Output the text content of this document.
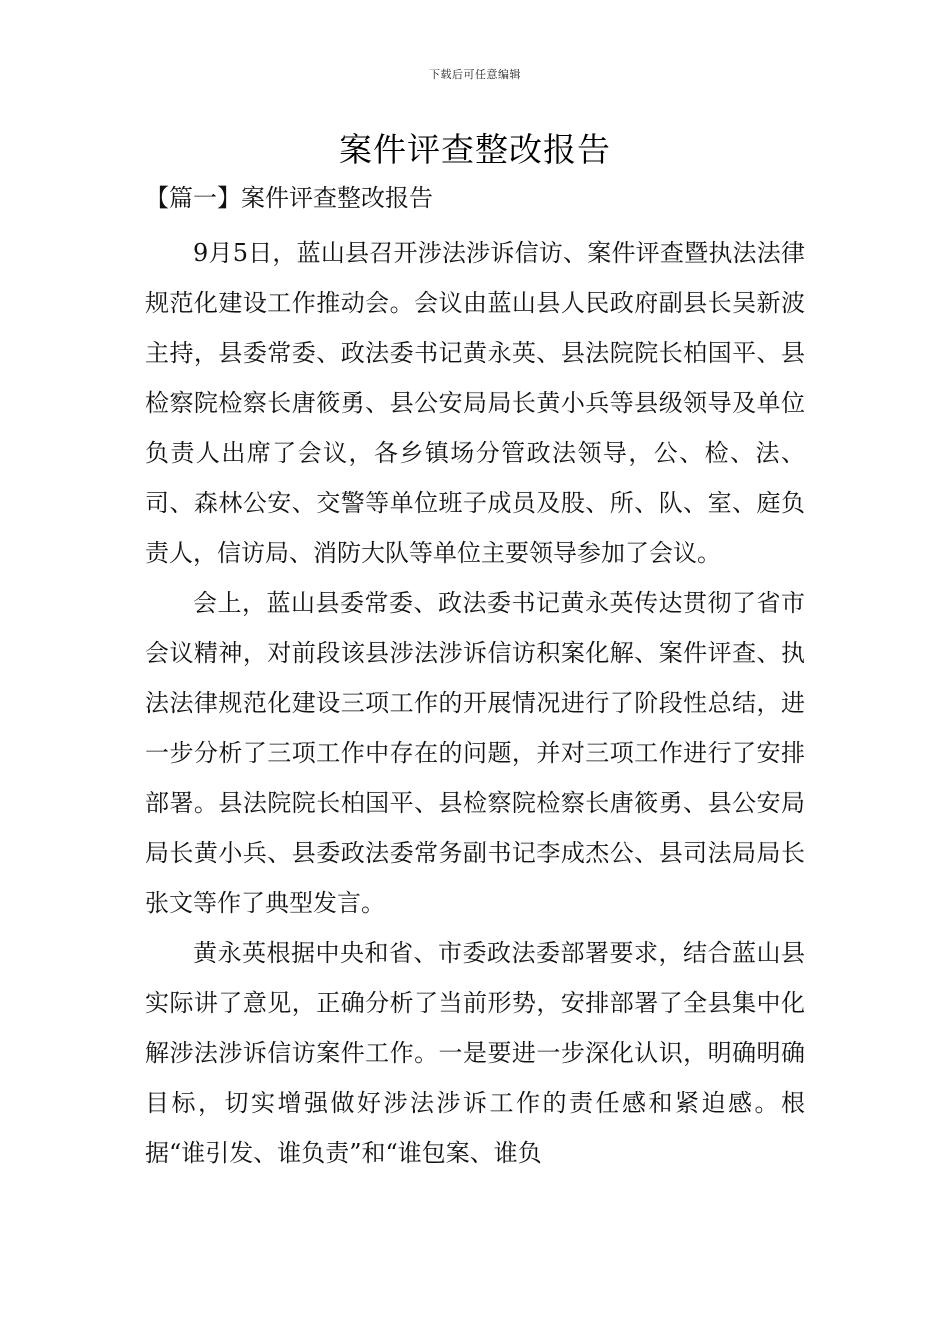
下载后可任意编辑
案件评查整改报告
【篇一】案件评查整改报告

9月5日，蓝山县召开涉法涉诉信访、案件评查暨执法法律规范化建设工作推动会。会议由蓝山县人民政府副县长吴新波主持，县委常委、政法委书记黄永英、县法院院长柏国平、县检察院检察长唐筱勇、县公安局局长黄小兵等县级领导及单位负责人出席了会议，各乡镇场分管政法领导，公、检、法、司、森林公安、交警等单位班子成员及股、所、队、室、庭负责人，信访局、消防大队等单位主要领导参加了会议。

会上，蓝山县委常委、政法委书记黄永英传达贯彻了省市会议精神，对前段该县涉法涉诉信访积案化解、案件评查、执法法律规范化建设三项工作的开展情况进行了阶段性总结，进一步分析了三项工作中存在的问题，并对三项工作进行了安排部署。县法院院长柏国平、县检察院检察长唐筱勇、县公安局局长黄小兵、县委政法委常务副书记李成杰公、县司法局局长张文等作了典型发言。

黄永英根据中央和省、市委政法委部署要求，结合蓝山县实际讲了意见，正确分析了当前形势，安排部署了全县集中化解涉法涉诉信访案件工作。一是要进一步深化认识，明确明确目标，切实增强做好涉法涉诉工作的责任感和紧迫感。根据“谁引发、谁负责”和“谁包案、谁负
